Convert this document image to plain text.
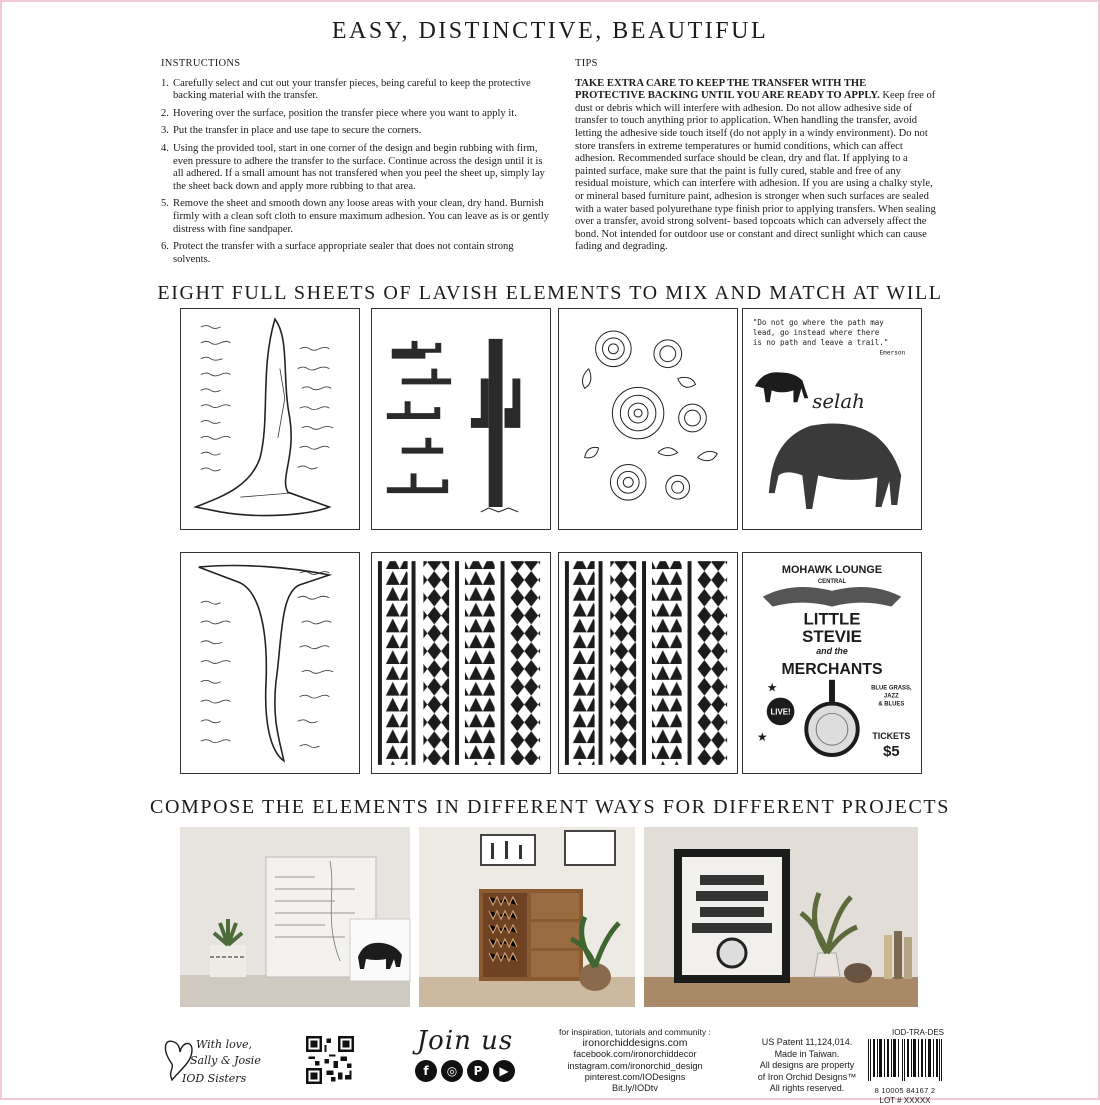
EASY, DISTINCTIVE, BEAUTIFUL
INSTRUCTIONS
1. Carefully select and cut out your transfer pieces, being careful to keep the protective backing material with the transfer.
2. Hovering over the surface, position the transfer piece where you want to apply it.
3. Put the transfer in place and use tape to secure the corners.
4. Using the provided tool, start in one corner of the design and begin rubbing with firm, even pressure to adhere the transfer to the surface. Continue across the design until it is all adhered. If a small amount has not transfered when you peel the sheet up, simply lay the sheet back down and apply more rubbing to that area.
5. Remove the sheet and smooth down any loose areas with your clean, dry hand. Burnish firmly with a clean soft cloth to ensure maximum adhesion. You can leave as is or gently distress with fine sandpaper.
6. Protect the transfer with a surface appropriate sealer that does not contain strong solvents.
TIPS

TAKE EXTRA CARE TO KEEP THE TRANSFER WITH THE PROTECTIVE BACKING UNTIL YOU ARE READY TO APPLY. Keep free of dust or debris which will interfere with adhesion. Do not allow adhesive side of transfer to touch anything prior to application. When handling the transfer, avoid letting the adhesive side touch itself (do not apply in a windy environment). Do not store transfers in extreme temperatures or humid conditions, which can affect adhesion. Recommended surface should be clean, dry and flat. If applying to a painted surface, make sure that the paint is fully cured, stable and free of any residual moisture, which can interfere with adhesion. If you are using a chalky style, or mineral based furniture paint, adhesion is stronger when such surfaces are sealed with a water based polyurethane type finish prior to applying transfers. When sealing over a transfer, avoid strong solvent- based topcoats which can adversely affect the bond. Not intended for outdoor use or constant and direct sunlight which can cause fading and degrading.

EIGHT FULL SHEETS OF LAVISH ELEMENTS TO MIX AND MATCH AT WILL
"Do not go where the path may
lead, go instead where there
is no path and leave a trail."
Emerson
selah
MOHAWK LOUNGE
CENTRAL
LITTLE
STEVIE
and the
MERCHANTS
BLUE GRASS,
JAZZ
& BLUES
TICKETS
$5
LIVE!
★
★
COMPOSE THE ELEMENTS IN DIFFERENT WAYS FOR DIFFERENT PROJECTS
With love,
Sally & Josie
IOD Sisters
Join us
f	◎	P	▶
for inspiration, tutorials and community :
ironorchiddesigns.com
facebook.com/ironorchiddecor
instagram.com/ironorchid_design
pinterest.com/IODesigns
Bit.ly/IODtv
US Patent 11,124,014.
Made in Taiwan.
All designs are property
of Iron Orchid Designs™
All rights reserved.
IOD-TRA-DES
8 10005 84167 2
LOT # XXXXX
